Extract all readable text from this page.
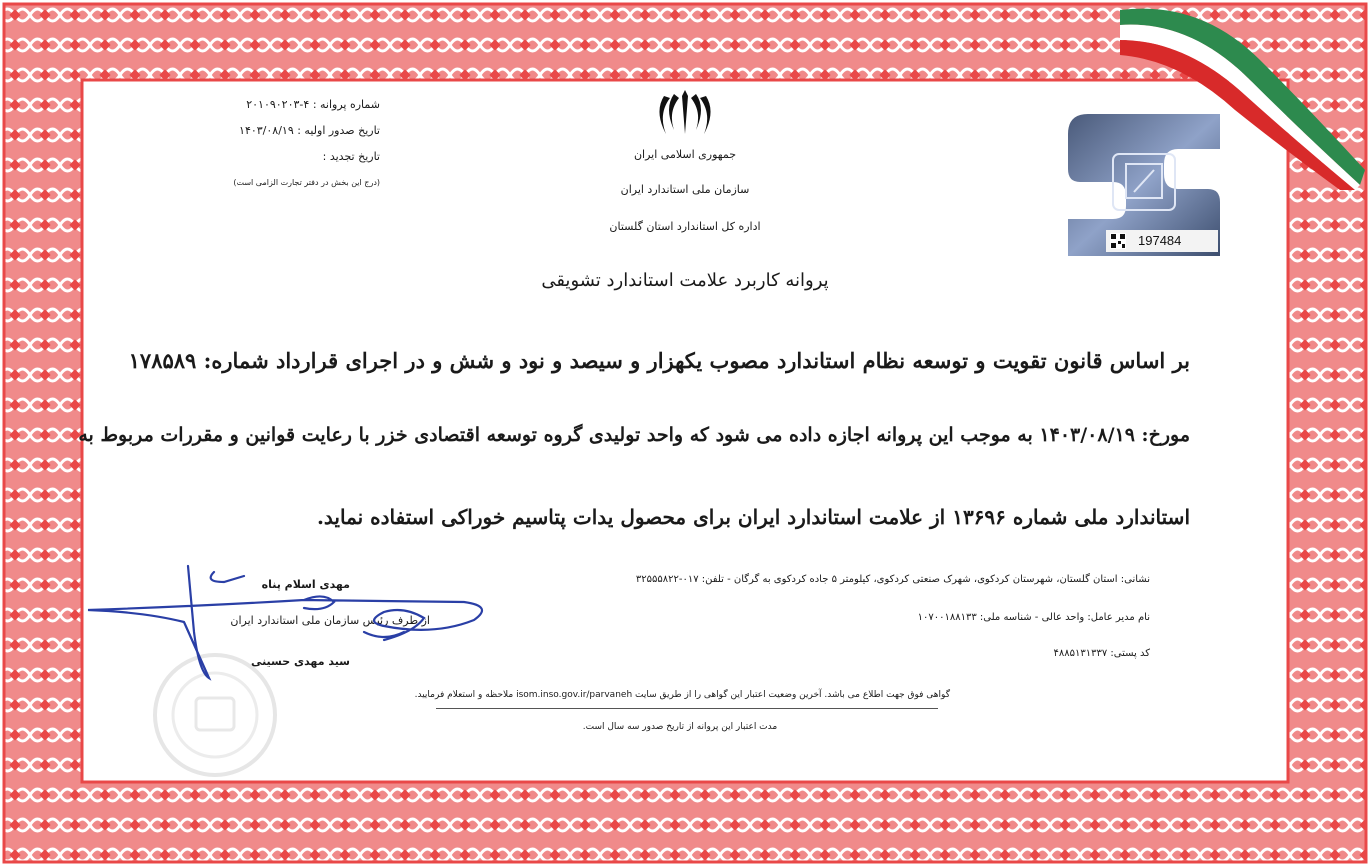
شماره پروانه : ۴-۲۰۱۰۹۰۲۰۳
تاریخ صدور اولیه : ۱۴۰۳/۰۸/۱۹
تاریخ تجدید :
(درج این بخش در دفتر تجارت الزامی است)
جمهوری اسلامی ایران
سازمان ملی استاندارد ایران
اداره کل استاندارد استان گلستان
197484
پروانه کاربرد علامت استاندارد تشویقی
بر اساس قانون تقویت و توسعه نظام استاندارد مصوب یکهزار و سیصد و نود و شش و در اجرای قرارداد شماره: ۱۷۸۵۸۹
مورخ: ۱۴۰۳/۰۸/۱۹ به موجب این پروانه اجازه داده می شود که واحد تولیدی گروه توسعه اقتصادی خزر با رعایت قوانین و مقررات مربوط به
استاندارد ملی شماره ۱۳۶۹۶ از علامت استاندارد ایران برای محصول یدات پتاسیم خوراکی استفاده نماید.
نشانی: استان گلستان، شهرستان کردکوی، شهرک صنعتی کردکوی، کیلومتر ۵ جاده کردکوی به گرگان - تلفن: ۰۱۷-۳۲۵۵۵۸۲۲
نام مدیر عامل: واحد عالی - شناسه ملی: ۱۰۷۰۰۱۸۸۱۳۳
کد پستی: ۴۸۸۵۱۳۱۳۳۷
مهدی اسلام پناه
از طرف رئیس سازمان ملی استاندارد ایران
سید مهدی حسینی
گواهی فوق جهت اطلاع می باشد. آخرین وضعیت اعتبار این گواهی را از طریق سایت isom.inso.gov.ir/parvaneh ملاحظه و استعلام فرمایید.
مدت اعتبار این پروانه از تاریخ صدور سه سال است.
